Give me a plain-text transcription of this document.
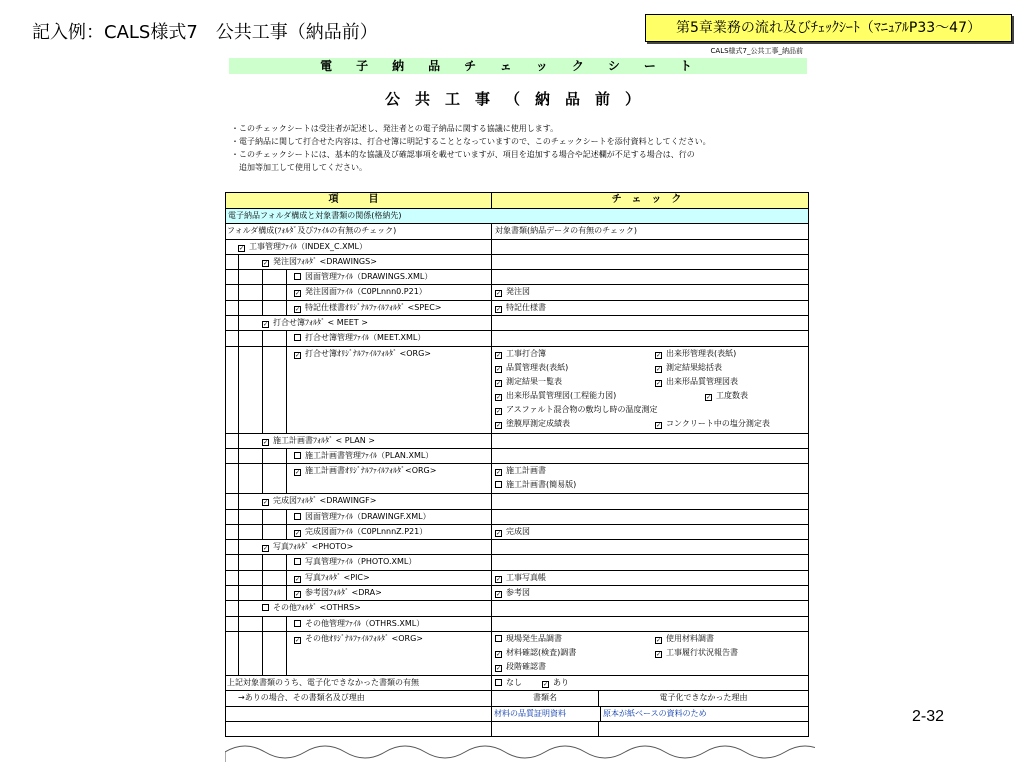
記入例：CALS様式7　公共工事（納品前）	第5章業務の流れ及びﾁｪｯｸｼｰﾄ（ﾏﾆｭｱﾙP33～47）
2-32
CALS様式7_公共工事_納品前
電子納品チェックシート
公共工事（納品前）
・このチェックシートは受注者が記述し、発注者との電子納品に関する協議に使用します。
・電子納品に関して打合せた内容は、打合せ簿に明記することとなっていますので、このチェックシートを添付資料としてください。
・このチェックシートには、基本的な協議及び確認事項を載せていますが、項目を追加する場合や記述欄が不足する場合は、行の
　追加等加工して使用してください。
項　目	チェック
電子納品フォルダ構成と対象書類の関係(格納先)
フォルダ構成(ﾌｫﾙﾀﾞ及びﾌｧｲﾙの有無のチェック)	対象書類(納品データの有無のチェック)
✓工事管理ﾌｧｲﾙ（INDEX_C.XML）
✓発注図ﾌｫﾙﾀﾞ <DRAWINGS>
図面管理ﾌｧｲﾙ（DRAWINGS.XML）
✓発注図面ﾌｧｲﾙ（C0PLnnn0.P21） ✓	発注図
✓特記仕様書ｵﾘｼﾞﾅﾙﾌｧｲﾙﾌｫﾙﾀﾞ <SPEC> ✓	特記仕様書
✓打合せ簿ﾌｫﾙﾀﾞ < MEET >
打合せ簿管理ﾌｧｲﾙ（MEET.XML）
✓打合せ簿ｵﾘｼﾞﾅﾙﾌｧｲﾙﾌｫﾙﾀﾞ <ORG> ✓	工事打合簿 ✓	出来形管理表(表紙)
✓品質管理表(表紙) ✓	測定結果総括表
✓測定結果一覧表 ✓	出来形品質管理図表
✓出来形品質管理図(工程能力図) ✓	工度数表
✓アスファルト混合物の敷均し時の温度測定
✓塗膜厚測定成績表 ✓	コンクリート中の塩分測定表
✓施工計画書ﾌｫﾙﾀﾞ < PLAN >
施工計画書管理ﾌｧｲﾙ（PLAN.XML）
✓施工計画書ｵﾘｼﾞﾅﾙﾌｧｲﾙﾌｫﾙﾀﾞ<ORG> ✓	施工計画書
施工計画書(簡易版)
✓完成図ﾌｫﾙﾀﾞ <DRAWINGF>
図面管理ﾌｧｲﾙ（DRAWINGF.XML）
✓完成図面ﾌｧｲﾙ（C0PLnnnZ.P21） ✓	完成図
✓写真ﾌｫﾙﾀﾞ <PHOTO>
写真管理ﾌｧｲﾙ（PHOTO.XML）
✓写真ﾌｫﾙﾀﾞ <PIC> ✓	工事写真帳
✓参考図ﾌｫﾙﾀﾞ <DRA> ✓	参考図
その他ﾌｫﾙﾀﾞ <OTHRS>
その他管理ﾌｧｲﾙ（OTHRS.XML）
✓その他ｵﾘｼﾞﾅﾙﾌｧｲﾙﾌｫﾙﾀﾞ <ORG>	現場発生品調書 ✓	使用材料調書
✓材料確認(検査)調書 ✓	工事履行状況報告書
✓段階確認書
上記対象書類のうち、電子化できなかった書類の有無	なし ✓	あり
→ありの場合、その書類名及び理由	書類名	電子化できなかった理由
材料の品質証明資料	原本が紙ベースの資料のため
